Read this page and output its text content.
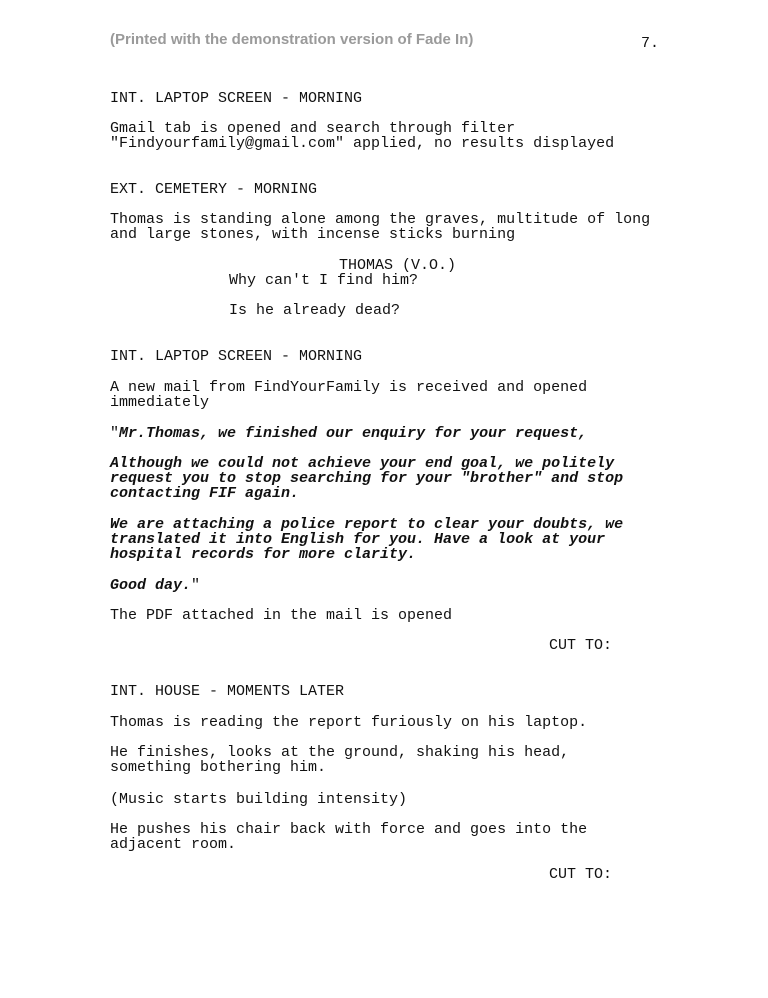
(Printed with the demonstration version of Fade In)	7.
INT. LAPTOP SCREEN - MORNING
Gmail tab is opened and search through filter
"Findyourfamily@gmail.com" applied, no results displayed
EXT. CEMETERY - MORNING
Thomas is standing alone among the graves, multitude of long
and large stones, with incense sticks burning
THOMAS (V.O.)
Why can't I find him?
Is he already dead?
INT. LAPTOP SCREEN - MORNING
A new mail from FindYourFamily is received and opened
immediately
"Mr.Thomas, we finished our enquiry for your request,
Although we could not achieve your end goal, we politely
request you to stop searching for your "brother" and stop
contacting FIF again.
We are attaching a police report to clear your doubts, we
translated it into English for you. Have a look at your
hospital records for more clarity.
Good day."
The PDF attached in the mail is opened
CUT TO:
INT. HOUSE - MOMENTS LATER
Thomas is reading the report furiously on his laptop.
He finishes, looks at the ground, shaking his head,
something bothering him.
(Music starts building intensity)
He pushes his chair back with force and goes into the
adjacent room.
CUT TO:
